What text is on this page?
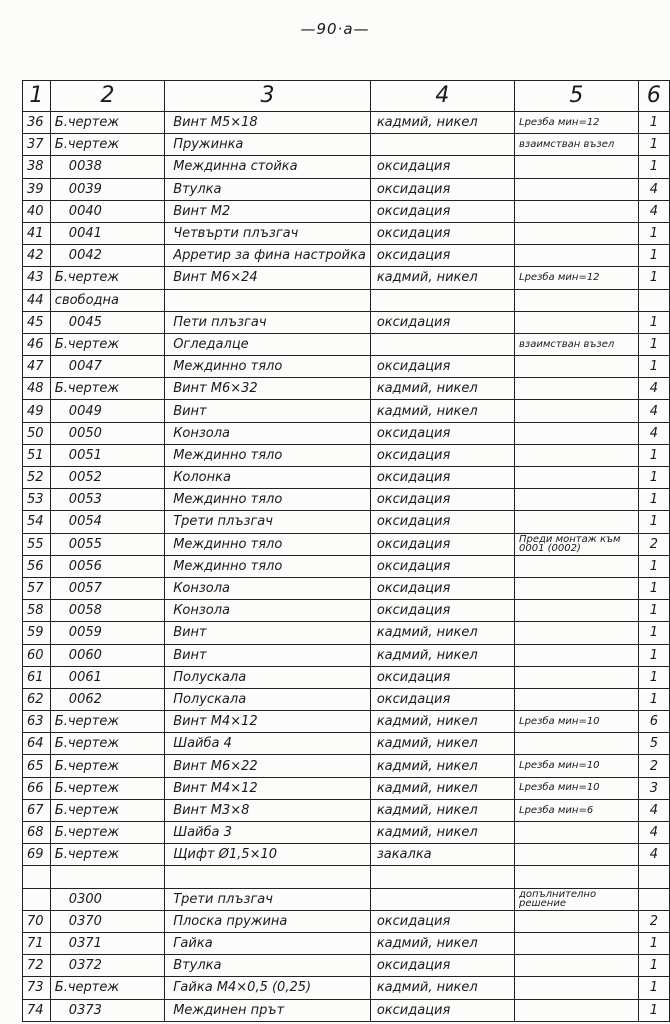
—90·а—
1	2	3	4	5	6
36	Б.чертеж	Винт М5×18	кадмий, никел	Lрезба мин=12	1
37	Б.чертеж	Пружинка		взаимстван възел	1
38	0038	Междинна стойка	оксидация		1
39	0039	Втулка	оксидация		4
40	0040	Винт М2	оксидация		4
41	0041	Четвърти плъзгач	оксидация		1
42	0042	Арретир за фина настройка	оксидация		1
43	Б.чертеж	Винт М6×24	кадмий, никел	Lрезба мин=12	1
44	свободна				
45	0045	Пети плъзгач	оксидация		1
46	Б.чертеж	Огледалце		взаимстван възел	1
47	0047	Междинно тяло	оксидация		1
48	Б.чертеж	Винт М6×32	кадмий, никел		4
49	0049	Винт	кадмий, никел		4
50	0050	Конзола	оксидация		4
51	0051	Междинно тяло	оксидация		1
52	0052	Колонка	оксидация		1
53	0053	Междинно тяло	оксидация		1
54	0054	Трети плъзгач	оксидация		1
55	0055	Междинно тяло	оксидация	Преди монтаж към 0001 (0002)	2
56	0056	Междинно тяло	оксидация		1
57	0057	Конзола	оксидация		1
58	0058	Конзола	оксидация		1
59	0059	Винт	кадмий, никел		1
60	0060	Винт	кадмий, никел		1
61	0061	Полускала	оксидация		1
62	0062	Полускала	оксидация		1
63	Б.чертеж	Винт М4×12	кадмий, никел	Lрезба мин=10	6
64	Б.чертеж	Шайба 4	кадмий, никел		5
65	Б.чертеж	Винт М6×22	кадмий, никел	Lрезба мин=10	2
66	Б.чертеж	Винт М4×12	кадмий, никел	Lрезба мин=10	3
67	Б.чертеж	Винт М3×8	кадмий, никел	Lрезба мин=6	4
68	Б.чертеж	Шайба 3	кадмий, никел		4
69	Б.чертеж	Щифт Ø1,5×10	закалка		4

	0300	Трети плъзгач		допълнително решение	
70	0370	Плоска пружина	оксидация		2
71	0371	Гайка	кадмий, никел		1
72	0372	Втулка	оксидация		1
73	Б.чертеж	Гайка М4×0,5 (0,25)	кадмий, никел		1
74	0373	Междинен прът	оксидация		1
